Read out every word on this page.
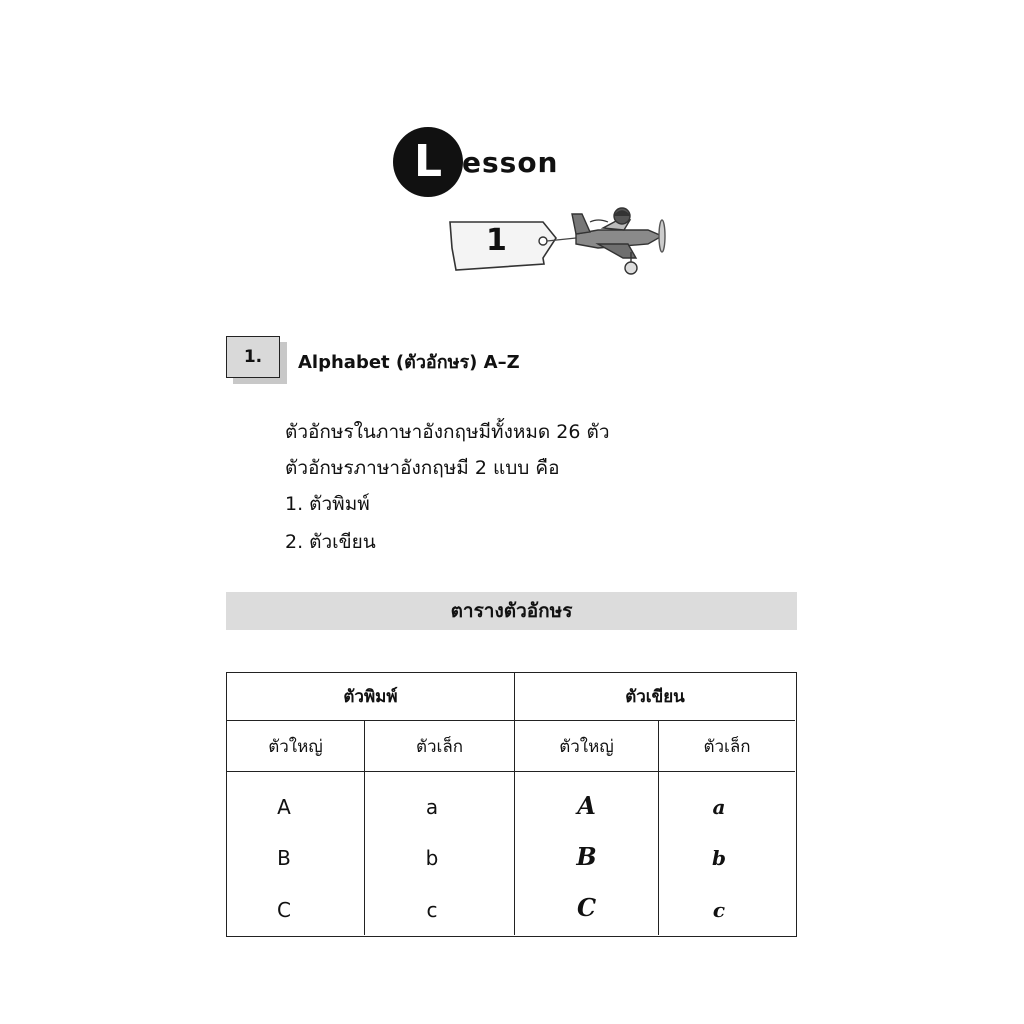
L esson
1
1. Alphabet (ตัวอักษร) A–Z
ตัวอักษรในภาษาอังกฤษมีทั้งหมด 26 ตัว
ตัวอักษรภาษาอังกฤษมี 2 แบบ คือ
1. ตัวพิมพ์
2. ตัวเขียน
ตารางตัวอักษร
ตัวพิมพ์	ตัวเขียน
ตัวใหญ่	ตัวเล็ก	ตัวใหญ่	ตัวเล็ก
A	a	A	a
B	b	B	b
C	c	C	c
